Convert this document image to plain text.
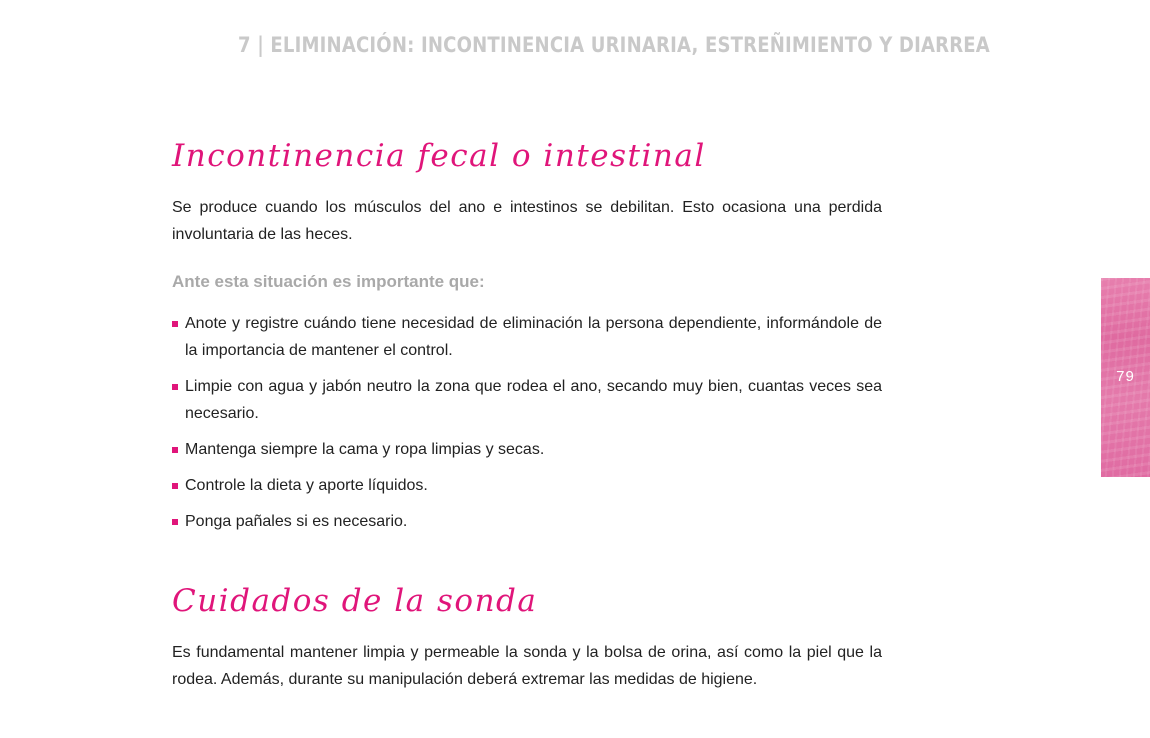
7 | ELIMINACIÓN: INCONTINENCIA URINARIA, ESTREÑIMIENTO Y DIARREA
Incontinencia fecal o intestinal

Se produce cuando los músculos del ano e intestinos se debilitan. Esto ocasiona una perdida involuntaria de las heces.

Ante esta situación es importante que:

Anote y registre cuándo tiene necesidad de eliminación la persona dependiente, informándole de la importancia de mantener el control.
Limpie con agua y jabón neutro la zona que rodea el ano, secando muy bien, cuantas veces sea necesario.
Mantenga siempre la cama y ropa limpias y secas.
Controle la dieta y aporte líquidos.
Ponga pañales si es necesario.
Cuidados de la sonda

Es fundamental mantener limpia y permeable la sonda y la bolsa de orina, así como la piel que la rodea. Además, durante su manipulación deberá extremar las medidas de higiene.

79
